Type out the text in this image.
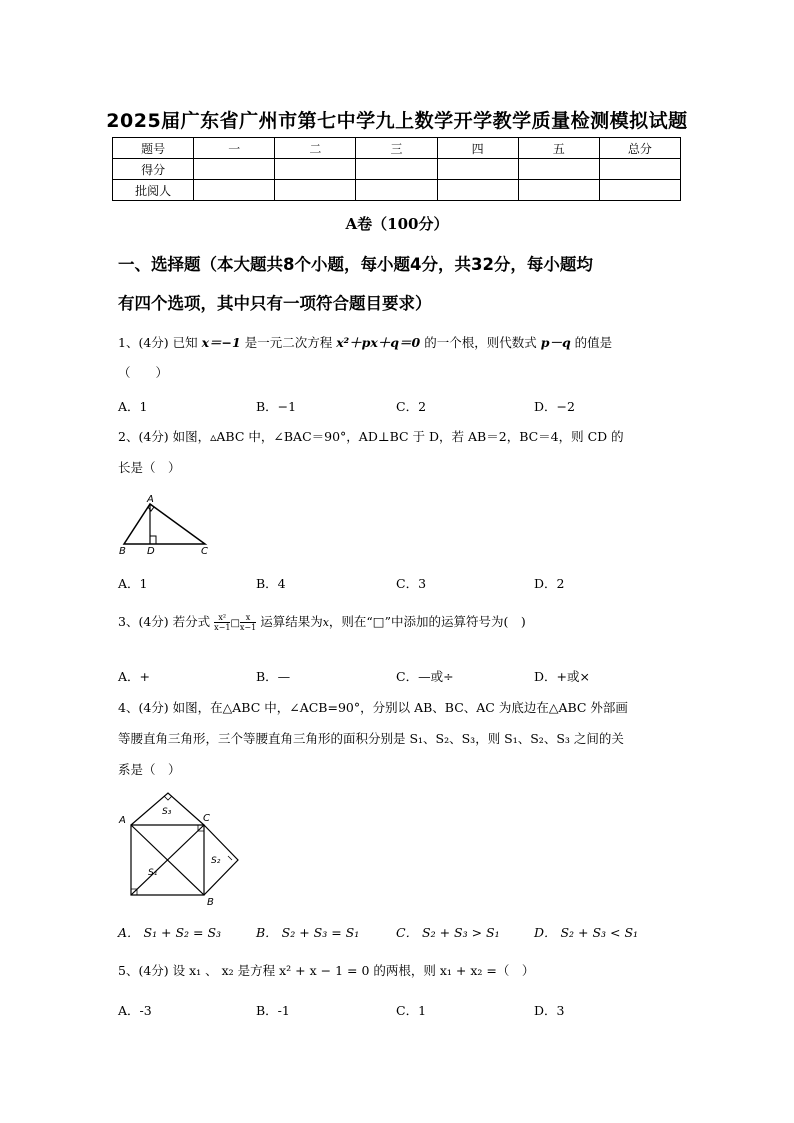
2025届广东省广州市第七中学九上数学开学教学质量检测模拟试题
题号	一	二	三	四	五	总分
得分						
批阅人						
A卷（100分）
一、选择题（本大题共8个小题，每小题4分，共32分，每小题均
有四个选项，其中只有一项符合题目要求）
1、(4分) 已知 x＝−1 是一元二次方程 x²＋px＋q＝0 的一个根，则代数式 p－q 的值是
（　　）
A．1	B．−1	C．2	D．−2
2、(4分) 如图，▵ABC 中，∠BAC＝90°，AD⊥BC 于 D，若 AB＝2，BC＝4，则 CD 的
长是（　）
A
B D	C
A．1	B．4	C．3	D．2
3、(4分) 若分式 $\frac{\text{x²}}{x-1}$ □ $\frac{x}{x-1}$ 运算结果为x，则在“□”中添加的运算符号为(　)
A．+	B．—	C．—或÷	D．+或×
4、(4分) 如图，在△ABC 中，∠ACB=90°，分别以 AB、BC、AC 为底边在△ABC 外部画
等腰直角三角形，三个等腰直角三角形的面积分别是 S₁、S₂、S₃，则 S₁、S₂、S₃ 之间的关
系是（　）
A	C
B
S₃
S₂
S₁
A． S₁ + S₂ = S₃	B． S₂ + S₃ = S₁	C． S₂ + S₃ > S₁	D． S₂ + S₃ < S₁
5、(4分) 设 x₁ 、 x₂ 是方程 x² + x − 1 = 0 的两根，则 x₁ + x₂ =（　）
A．-3	B．-1	C．1	D．3
